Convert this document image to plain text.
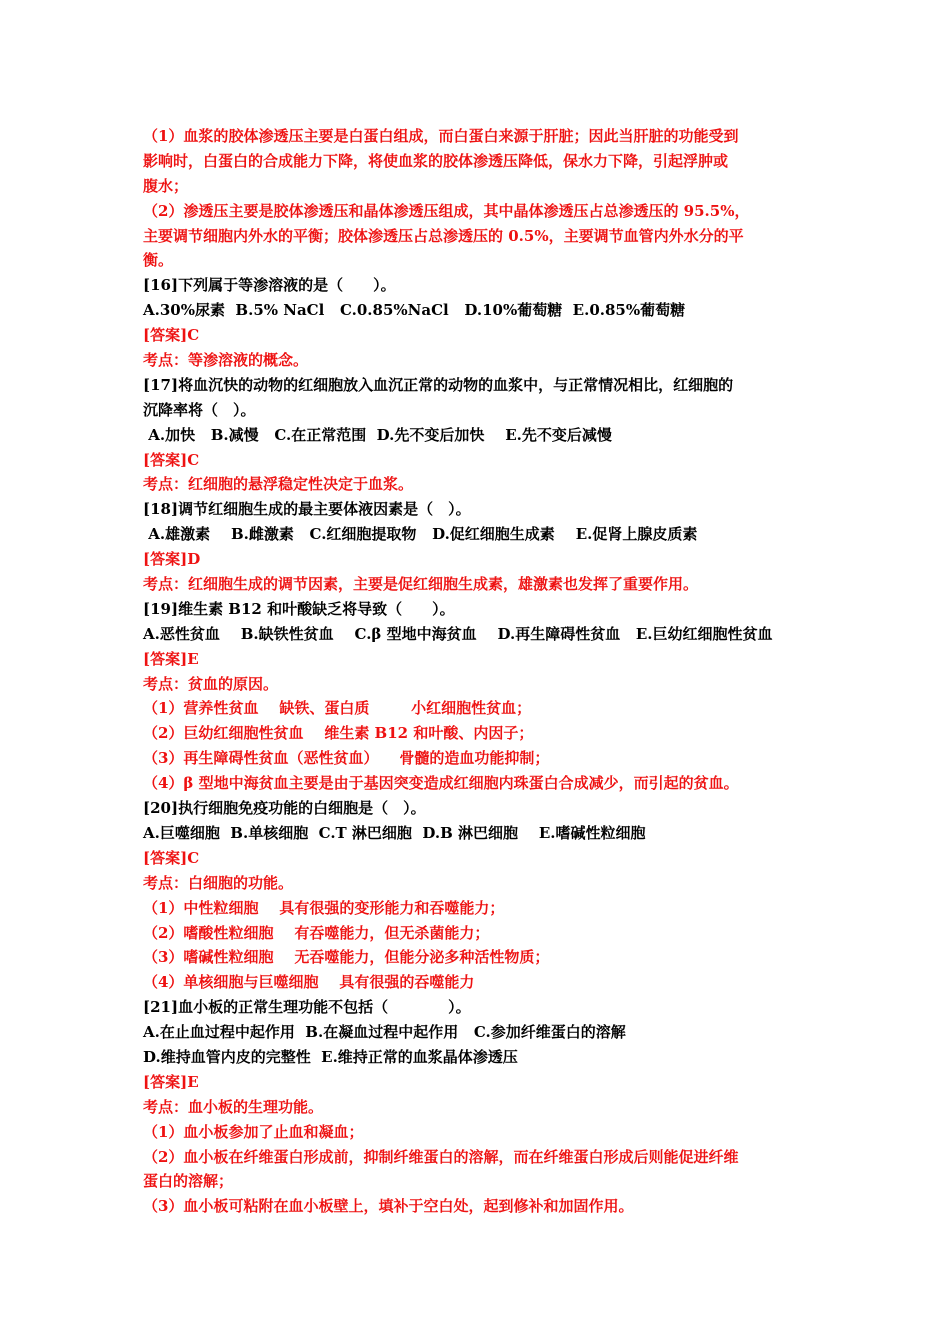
（1）血浆的胶体渗透压主要是白蛋白组成，而白蛋白来源于肝脏；因此当肝脏的功能受到
影响时，白蛋白的合成能力下降，将使血浆的胶体渗透压降低，保水力下降，引起浮肿或
腹水；
（2）渗透压主要是胶体渗透压和晶体渗透压组成，其中晶体渗透压占总渗透压的 95.5%，
主要调节细胞内外水的平衡；胶体渗透压占总渗透压的 0.5%，主要调节血管内外水分的平
衡。
[16]下列属于等渗溶液的是（　　）。
A.30%尿素  B.5% NaCl   C.0.85%NaCl   D.10%葡萄糖  E.0.85%葡萄糖
[答案]C
考点：等渗溶液的概念。
[17]将血沉快的动物的红细胞放入血沉正常的动物的血浆中，与正常情况相比，红细胞的
沉降率将（　）。
A.加快   B.减慢   C.在正常范围  D.先不变后加快    E.先不变后减慢
[答案]C
考点：红细胞的悬浮稳定性决定于血浆。
[18]调节红细胞生成的最主要体液因素是（　）。
A.雄激素    B.雌激素   C.红细胞提取物   D.促红细胞生成素    E.促肾上腺皮质素
[答案]D
考点：红细胞生成的调节因素，主要是促红细胞生成素，雄激素也发挥了重要作用。
[19]维生素 B12 和叶酸缺乏将导致（　　）。
A.恶性贫血    B.缺铁性贫血    C.β 型地中海贫血    D.再生障碍性贫血   E.巨幼红细胞性贫血
[答案]E
考点：贫血的原因。
（1）营养性贫血    缺铁、蛋白质        小红细胞性贫血；
（2）巨幼红细胞性贫血    维生素 B12 和叶酸、内因子；
（3）再生障碍性贫血（恶性贫血）    骨髓的造血功能抑制；
（4）β 型地中海贫血主要是由于基因突变造成红细胞内珠蛋白合成减少，而引起的贫血。
[20]执行细胞免疫功能的白细胞是（　）。
A.巨噬细胞  B.单核细胞  C.T 淋巴细胞  D.B 淋巴细胞    E.嗜碱性粒细胞
[答案]C
考点：白细胞的功能。
（1）中性粒细胞    具有很强的变形能力和吞噬能力；
（2）嗜酸性粒细胞    有吞噬能力，但无杀菌能力；
（3）嗜碱性粒细胞    无吞噬能力，但能分泌多种活性物质；
（4）单核细胞与巨噬细胞    具有很强的吞噬能力
[21]血小板的正常生理功能不包括（　　　　）。
A.在止血过程中起作用  B.在凝血过程中起作用   C.参加纤维蛋白的溶解
D.维持血管内皮的完整性  E.维持正常的血浆晶体渗透压
[答案]E
考点：血小板的生理功能。
（1）血小板参加了止血和凝血；
（2）血小板在纤维蛋白形成前，抑制纤维蛋白的溶解，而在纤维蛋白形成后则能促进纤维
蛋白的溶解；
（3）血小板可粘附在血小板壁上，填补于空白处，起到修补和加固作用。
